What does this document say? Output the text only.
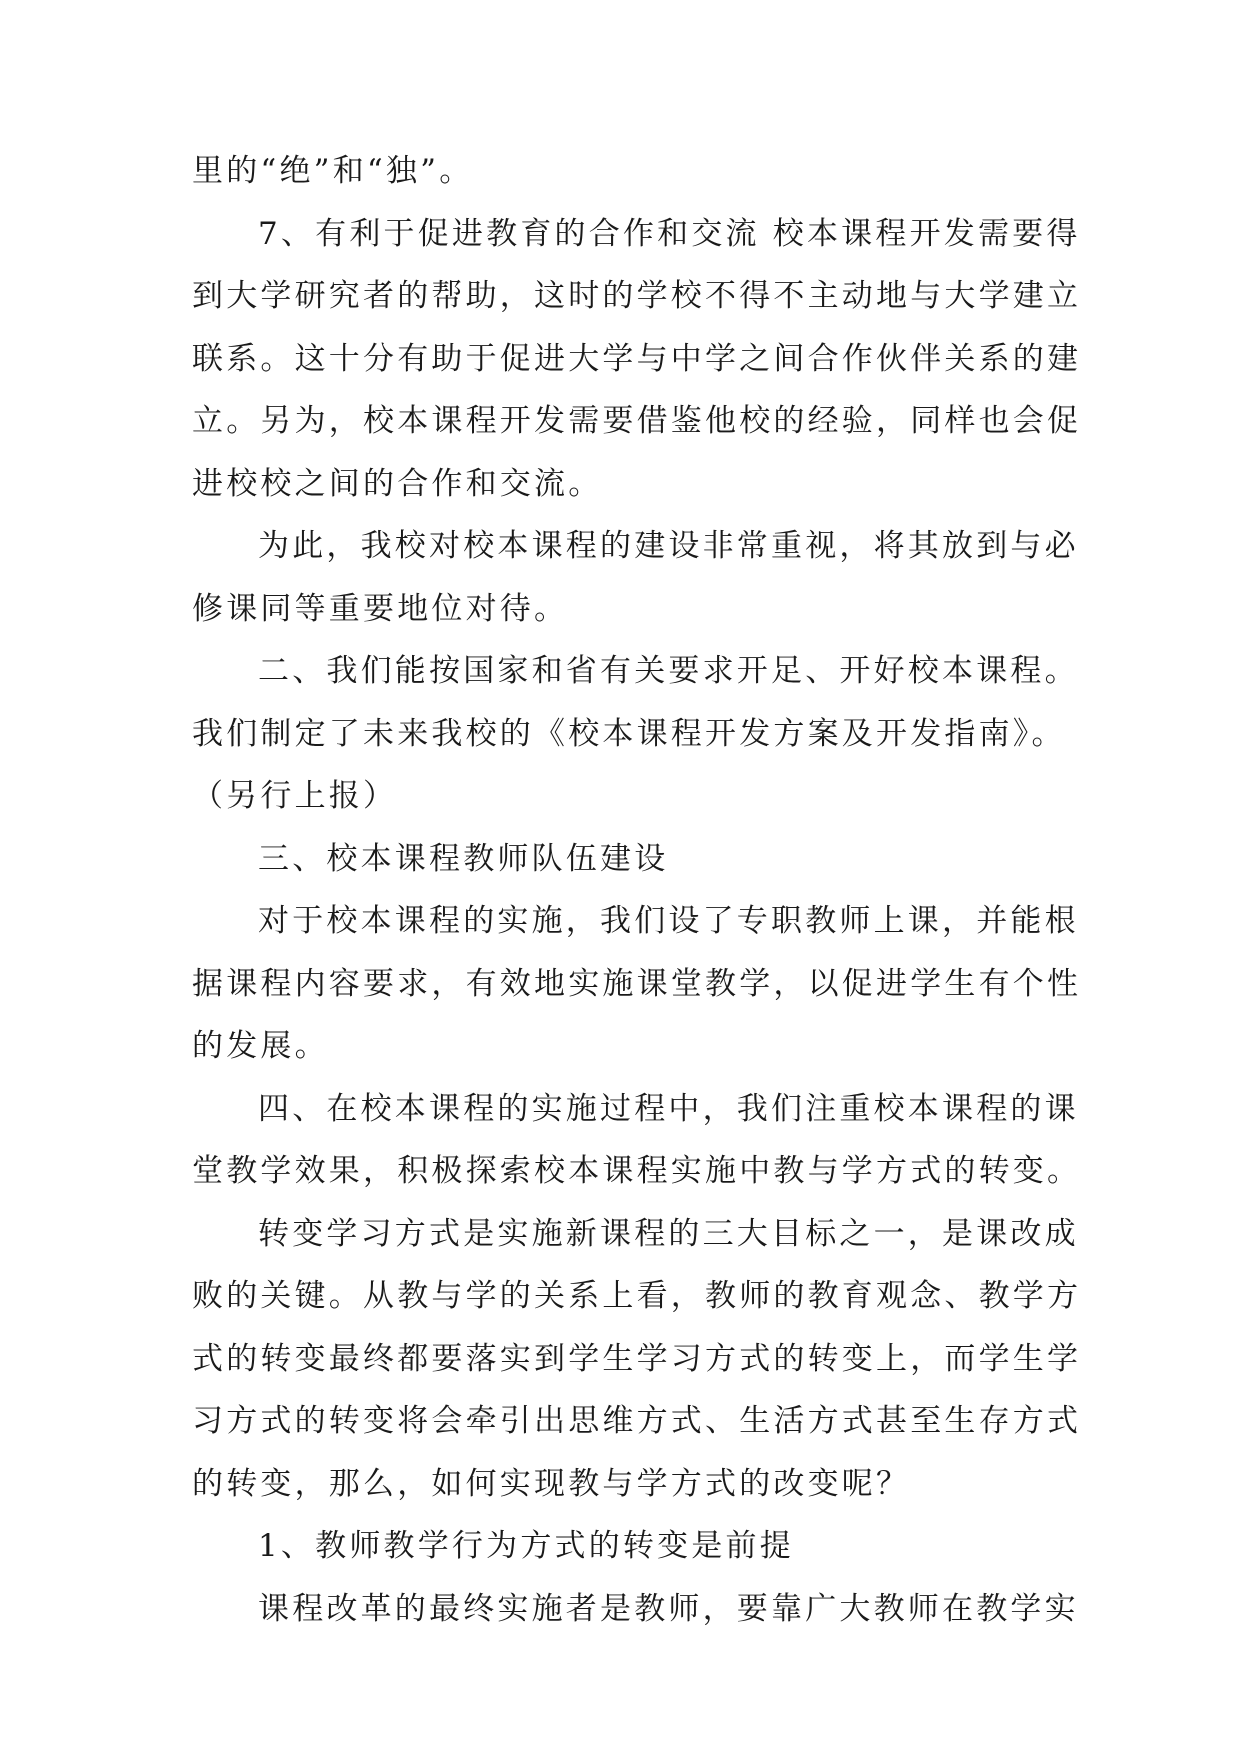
里的“绝”和“独”。
7、有利于促进教育的合作和交流 校本课程开发需要得
到大学研究者的帮助，这时的学校不得不主动地与大学建立
联系。这十分有助于促进大学与中学之间合作伙伴关系的建
立。另为，校本课程开发需要借鉴他校的经验，同样也会促
进校校之间的合作和交流。
为此，我校对校本课程的建设非常重视，将其放到与必
修课同等重要地位对待。
二、我们能按国家和省有关要求开足、开好校本课程。
我们制定了未来我校的《校本课程开发方案及开发指南》。
（另行上报）
三、校本课程教师队伍建设
对于校本课程的实施，我们设了专职教师上课，并能根
据课程内容要求，有效地实施课堂教学，以促进学生有个性
的发展。
四、在校本课程的实施过程中，我们注重校本课程的课
堂教学效果，积极探索校本课程实施中教与学方式的转变。
转变学习方式是实施新课程的三大目标之一，是课改成
败的关键。从教与学的关系上看，教师的教育观念、教学方
式的转变最终都要落实到学生学习方式的转变上，而学生学
习方式的转变将会牵引出思维方式、生活方式甚至生存方式
的转变，那么，如何实现教与学方式的改变呢？
1、教师教学行为方式的转变是前提
课程改革的最终实施者是教师，要靠广大教师在教学实
